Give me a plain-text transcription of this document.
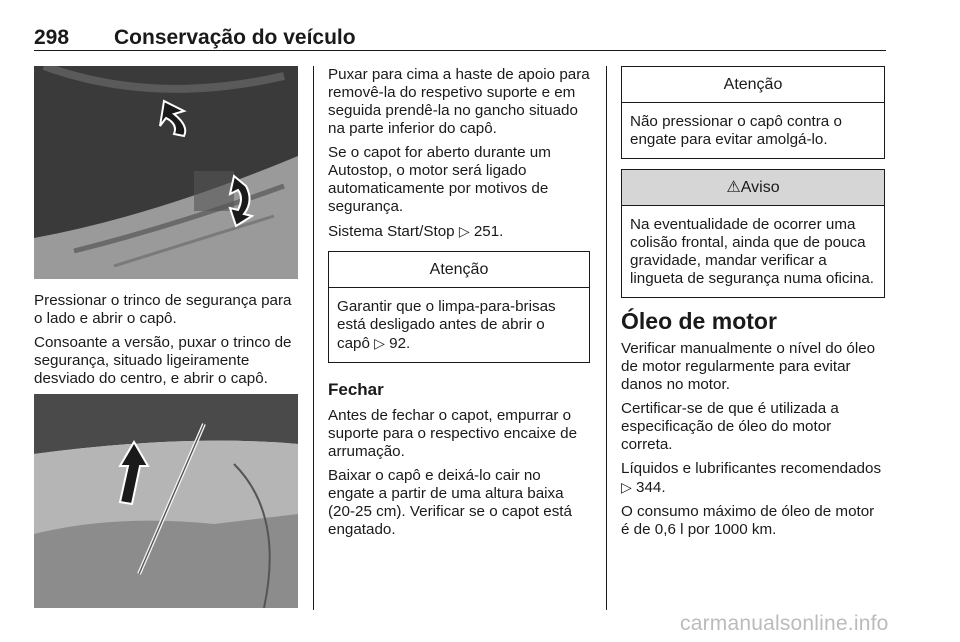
298 Conservação do veículo

Pressionar o trinco de segurança para o lado e abrir o capô.

Consoante a versão, puxar o trinco de segurança, situado ligeiramente desviado do centro, e abrir o capô.

Puxar para cima a haste de apoio para removê-la do respetivo suporte e em seguida prendê-la no gancho situado na parte inferior do capô.

Se o capot for aberto durante um Autostop, o motor será ligado automaticamente por motivos de segurança.

Sistema Start/Stop ▷ 251.

Atenção
Garantir que o limpa-para-brisas está desligado antes de abrir o capô ▷ 92.
Fechar

Antes de fechar o capot, empurrar o suporte para o respectivo encaixe de arrumação.

Baixar o capô e deixá-lo cair no engate a partir de uma altura baixa (20-25 cm). Verificar se o capot está engatado.

Atenção
Não pressionar o capô contra o engate para evitar amolgá-lo.
⚠Aviso
Na eventualidade de ocorrer uma colisão frontal, ainda que de pouca gravidade, mandar verificar a lingueta de segurança numa oficina.
Óleo de motor

Verificar manualmente o nível do óleo de motor regularmente para evitar danos no motor.

Certificar-se de que é utilizada a especificação de óleo do motor correta.

Líquidos e lubrificantes recomendados ▷ 344.

O consumo máximo de óleo de motor é de 0,6 l por 1000 km.

carmanualsonline.info
